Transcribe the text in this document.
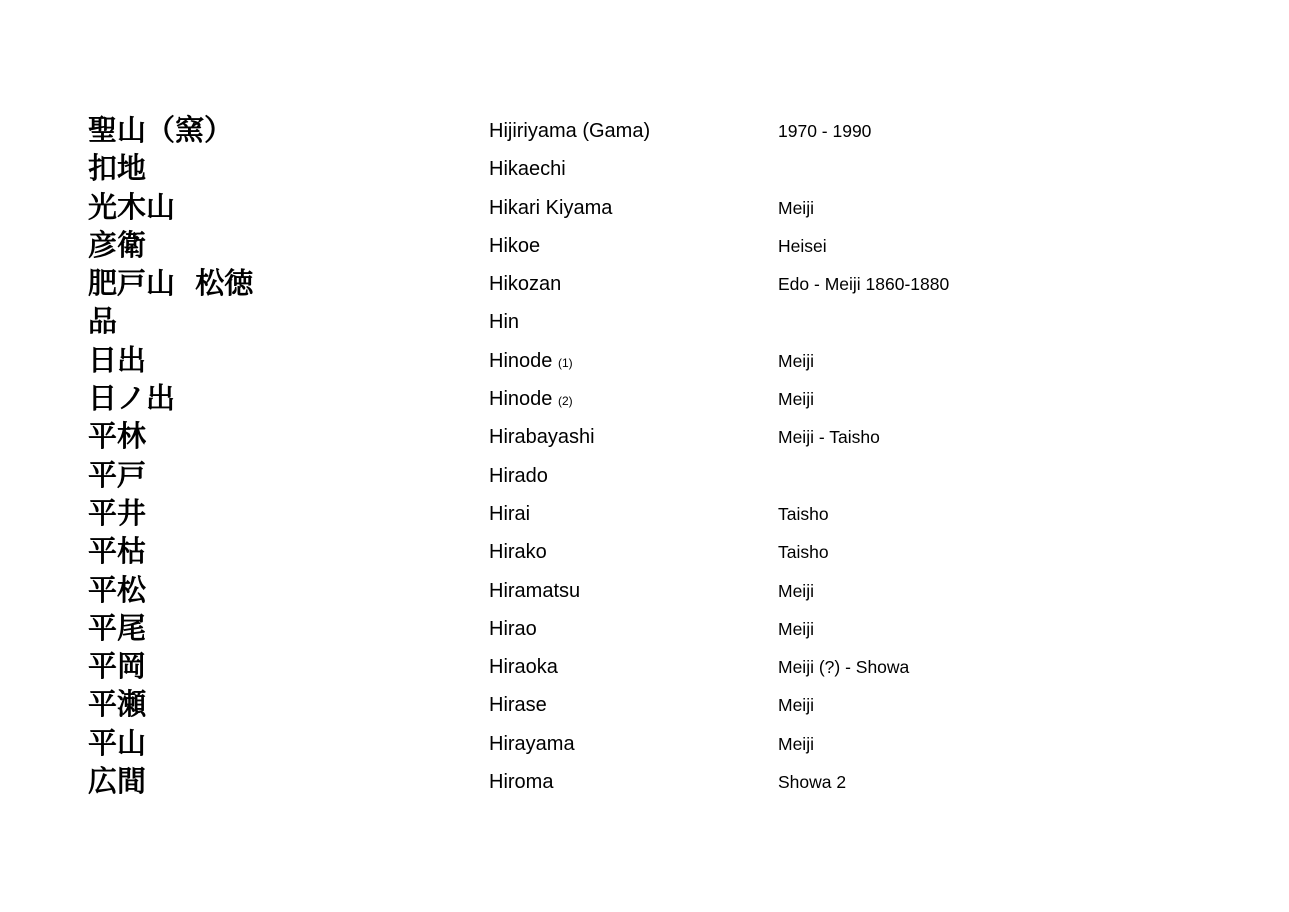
聖山（窯）	Hijiriyama (Gama)	1970 - 1990
扣地	Hikaechi
光木山	Hikari Kiyama	Meiji
彦衛	Hikoe	Heisei
肥戸山  松徳	Hikozan	Edo - Meiji 1860-1880
品	Hin
日出	Hinode (1)	Meiji
日ノ出	Hinode (2)	Meiji
平林	Hirabayashi	Meiji - Taisho
平戸	Hirado
平井	Hirai	Taisho
平枯	Hirako	Taisho
平松	Hiramatsu	Meiji
平尾	Hirao	Meiji
平岡	Hiraoka	Meiji (?) - Showa
平瀬	Hirase	Meiji
平山	Hirayama	Meiji
広間	Hiroma	Showa 2
